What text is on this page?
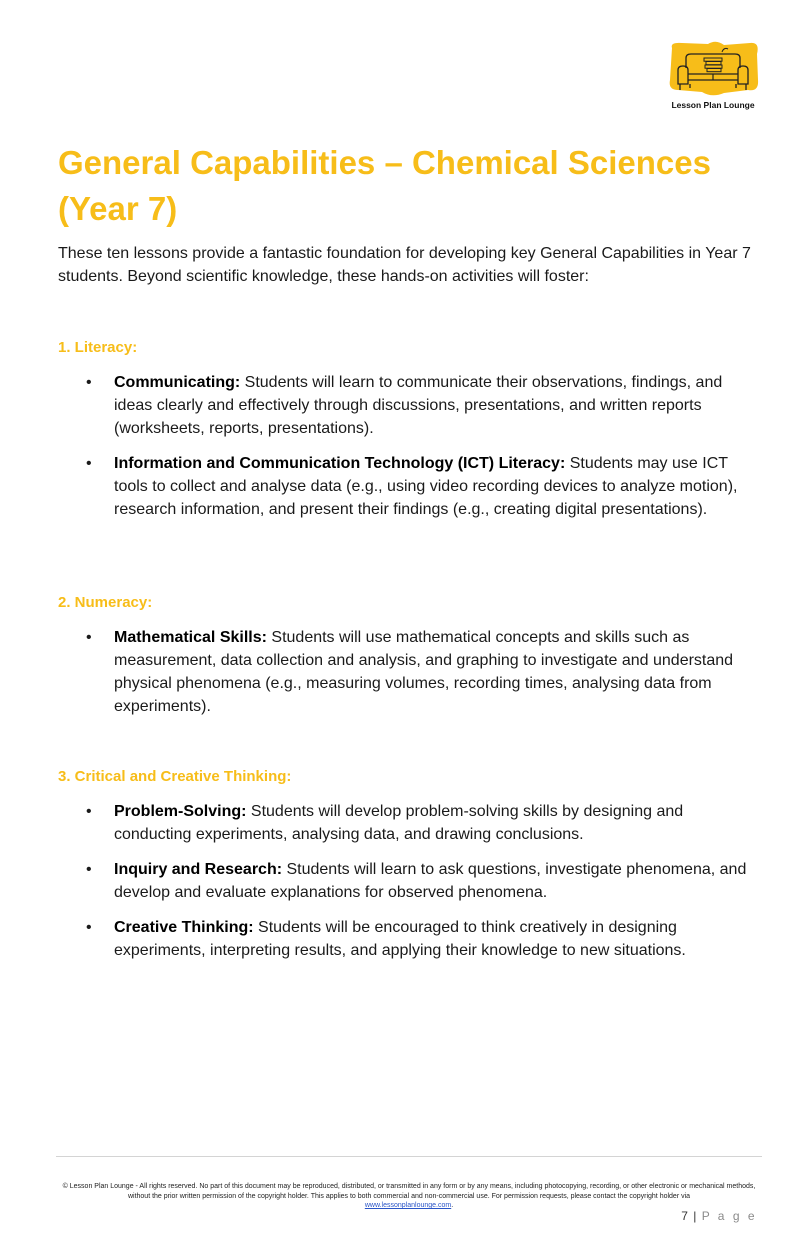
Lesson Plan Lounge
General Capabilities – Chemical Sciences (Year 7)

These ten lessons provide a fantastic foundation for developing key General Capabilities in Year 7 students. Beyond scientific knowledge, these hands-on activities will foster:

1. Literacy:
• Communicating: Students will learn to communicate their observations, findings, and ideas clearly and effectively through discussions, presentations, and written reports (worksheets, reports, presentations).
• Information and Communication Technology (ICT) Literacy: Students may use ICT tools to collect and analyse data (e.g., using video recording devices to analyze motion), research information, and present their findings (e.g., creating digital presentations).
2. Numeracy:
• Mathematical Skills: Students will use mathematical concepts and skills such as measurement, data collection and analysis, and graphing to investigate and understand physical phenomena (e.g., measuring volumes, recording times, analysing data from experiments).
3. Critical and Creative Thinking:
• Problem-Solving: Students will develop problem-solving skills by designing and conducting experiments, analysing data, and drawing conclusions.
• Inquiry and Research: Students will learn to ask questions, investigate phenomena, and develop and evaluate explanations for observed phenomena.
• Creative Thinking: Students will be encouraged to think creatively in designing experiments, interpreting results, and applying their knowledge to new situations.
© Lesson Plan Lounge - All rights reserved. No part of this document may be reproduced, distributed, or transmitted in any form or by any means, including photocopying, recording, or other electronic or mechanical methods, without the prior written permission of the copyright holder. This applies to both commercial and non-commercial use. For permission requests, please contact the copyright holder via
www.lessonplanlounge.com.
7 | P a g e
